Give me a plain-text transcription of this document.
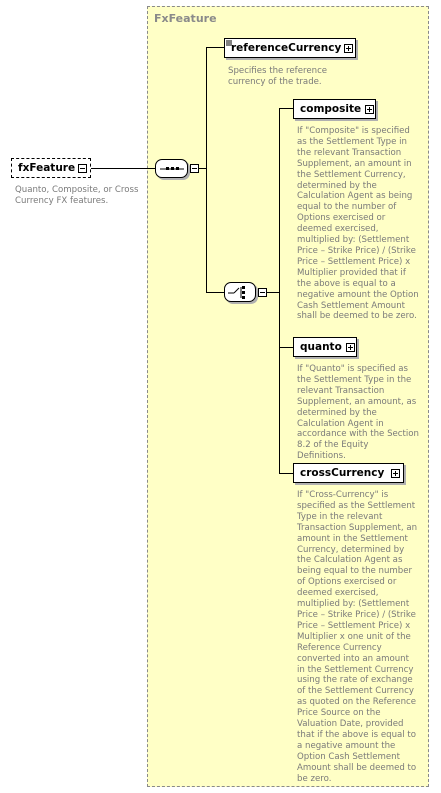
FxFeature
fxFeature
Quanto, Composite, or Cross Currency FX features.
referenceCurrency
Specifies the reference currency of the trade.
composite
If "Composite" is specified as the Settlement Type in the relevant Transaction Supplement, an amount in the Settlement Currency, determined by the Calculation Agent as being equal to the number of Options exercised or deemed exercised, multiplied by: (Settlement Price – Strike Price) / (Strike Price – Settlement Price) x Multiplier provided that if the above is equal to a negative amount the Option Cash Settlement Amount shall be deemed to be zero.
quanto
If "Quanto" is specified as the Settlement Type in the relevant Transaction Supplement, an amount, as determined by the Calculation Agent in accordance with the Section 8.2 of the Equity Definitions.
crossCurrency
If "Cross-Currency" is specified as the Settlement Type in the relevant Transaction Supplement, an amount in the Settlement Currency, determined by the Calculation Agent as being equal to the number of Options exercised or deemed exercised, multiplied by: (Settlement Price – Strike Price) / (Strike Price – Settlement Price) x Multiplier x one unit of the Reference Currency converted into an amount in the Settlement Currency using the rate of exchange of the Settlement Currency as quoted on the Reference Price Source on the Valuation Date, provided that if the above is equal to a negative amount the Option Cash Settlement Amount shall be deemed to be zero.
